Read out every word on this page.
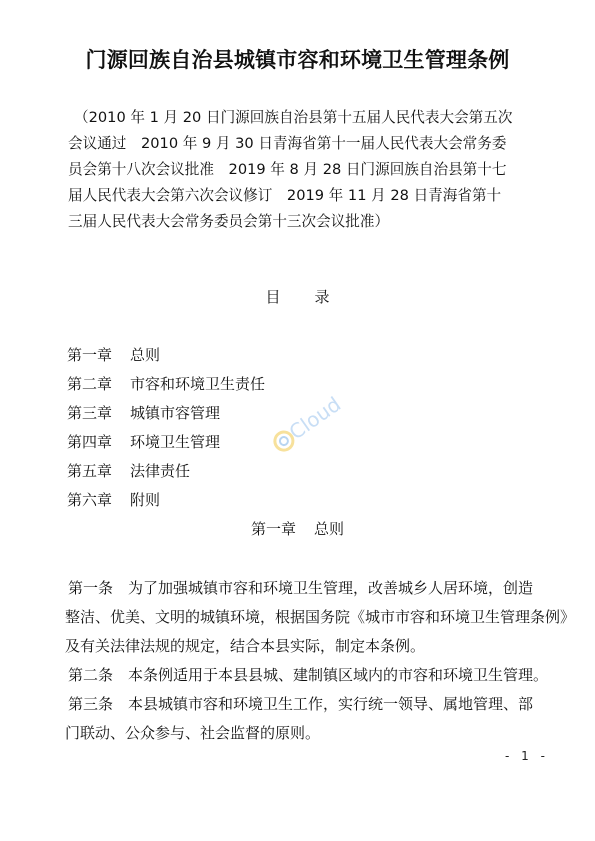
门源回族自治县城镇市容和环境卫生管理条例
（2010 年 1 月 20 日门源回族自治县第十五届人民代表大会第五次
会议通过　2010 年 9 月 30 日青海省第十一届人民代表大会常务委
员会第十八次会议批准　2019 年 8 月 28 日门源回族自治县第十七
届人民代表大会第六次会议修订　2019 年 11 月 28 日青海省第十
三届人民代表大会常务委员会第十三次会议批准）
目 录
第一章 总则
第二章 市容和环境卫生责任
第三章 城镇市容管理
第四章 环境卫生管理
第五章 法律责任
第六章 附则
第一章 总则
第一条　 为了加强城镇市容和环境卫生管理，改善城乡人居环境，创造
整洁、优美、文明的城镇环境，根据国务院《城市市容和环境卫生管理条例》
及有关法律法规的规定，结合本县实际，制定本条例。
第二条　 本条例适用于本县县城、建制镇区域内的市容和环境卫生管理。
第三条　 本县城镇市容和环境卫生工作，实行统一领导、属地管理、部
门联动、公众参与、社会监督的原则。
- 1 -
Cloud
